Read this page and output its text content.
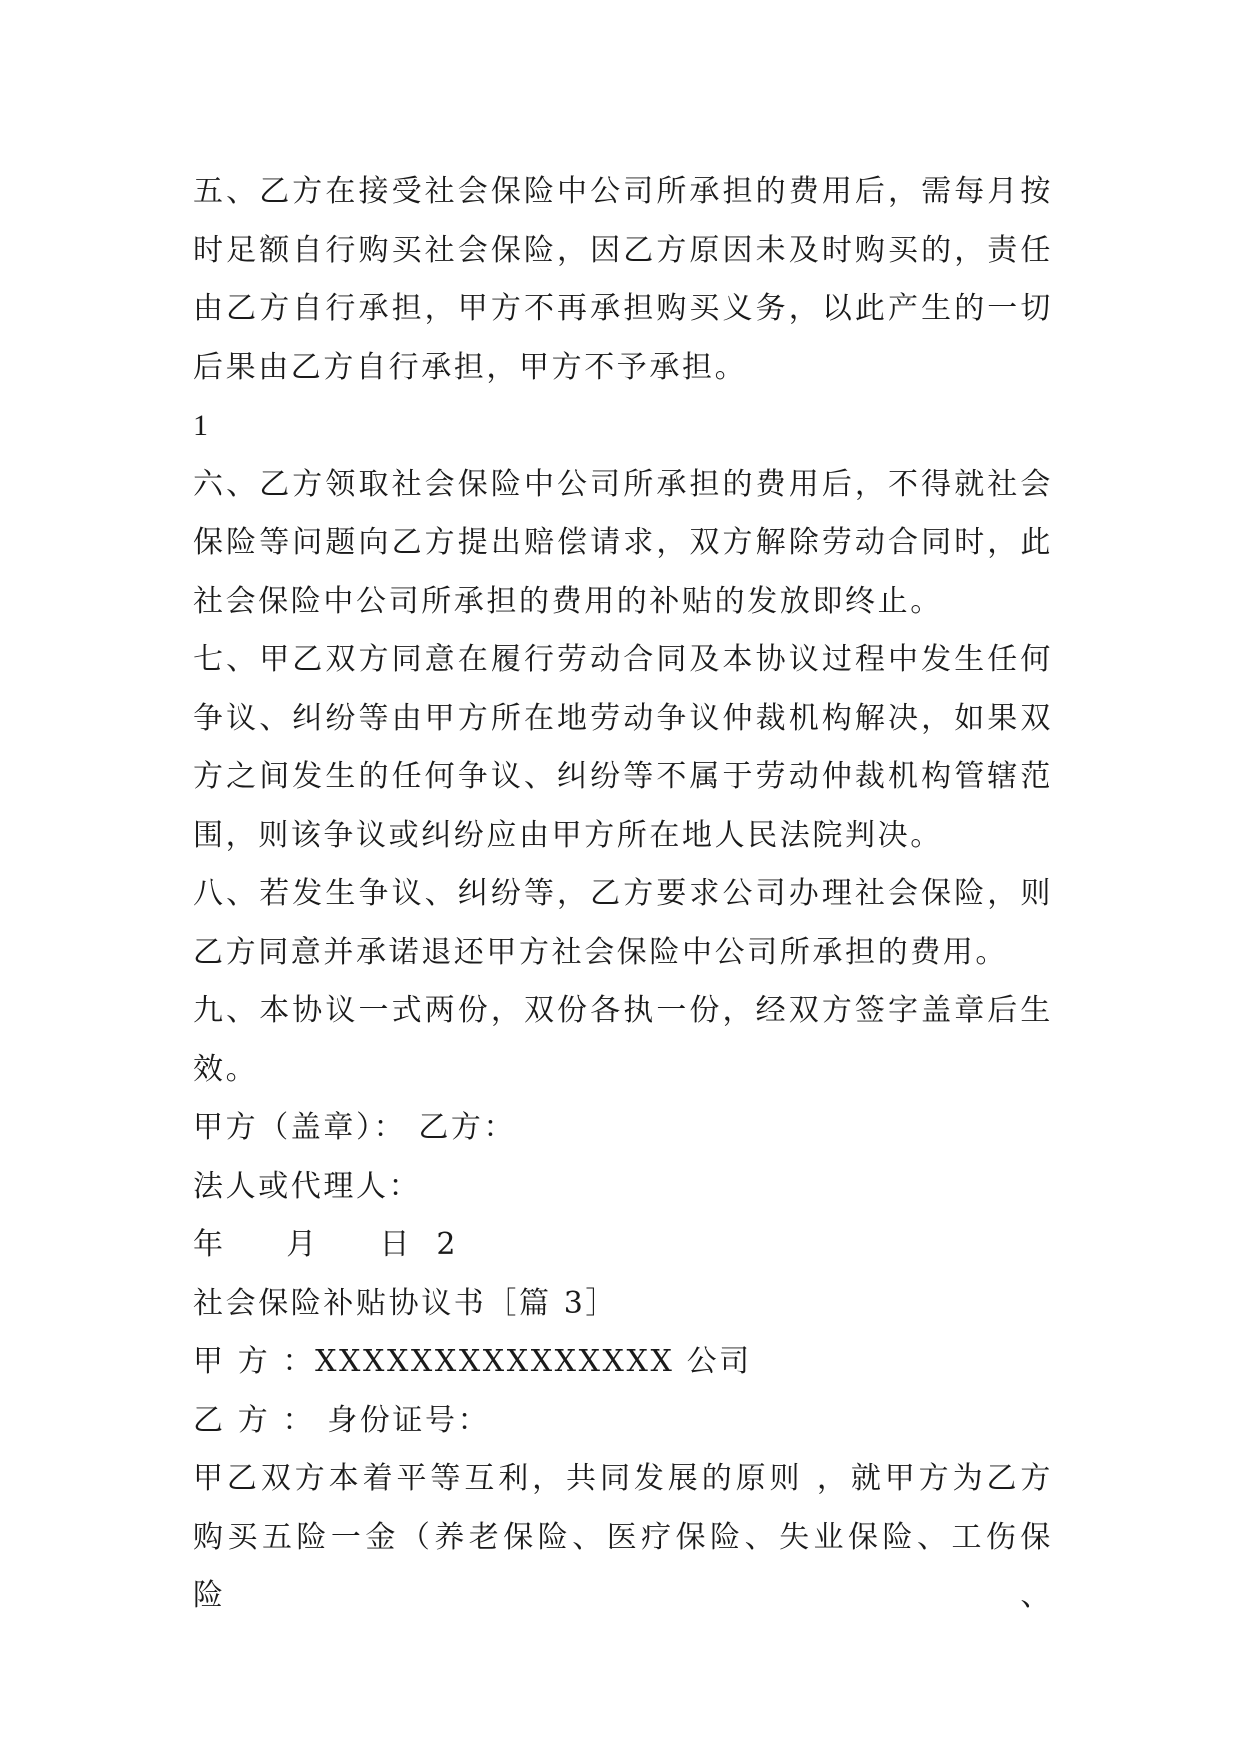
五、乙方在接受社会保险中公司所承担的费用后，需每月按
时足额自行购买社会保险，因乙方原因未及时购买的，责任
由乙方自行承担，甲方不再承担购买义务，以此产生的一切
后果由乙方自行承担，甲方不予承担。
1
六、乙方领取社会保险中公司所承担的费用后，不得就社会
保险等问题向乙方提出赔偿请求，双方解除劳动合同时，此
社会保险中公司所承担的费用的补贴的发放即终止。
七、甲乙双方同意在履行劳动合同及本协议过程中发生任何
争议、纠纷等由甲方所在地劳动争议仲裁机构解决，如果双
方之间发生的任何争议、纠纷等不属于劳动仲裁机构管辖范
围，则该争议或纠纷应由甲方所在地人民法院判决。
八、若发生争议、纠纷等，乙方要求公司办理社会保险，则
乙方同意并承诺退还甲方社会保险中公司所承担的费用。
九、本协议一式两份，双份各执一份，经双方签字盖章后生
效。
甲方（盖章）： 乙方：
法人或代理人：
年     月     日  2
社会保险补贴协议书［篇 3］
甲 方 ：XXXXXXXXXXXXXXX 公司
乙 方 ： 身份证号：
甲乙双方本着平等互利，共同发展的原则 ，就甲方为乙方
购买五险一金（养老保险、医疗保险、失业保险、工伤保险、
